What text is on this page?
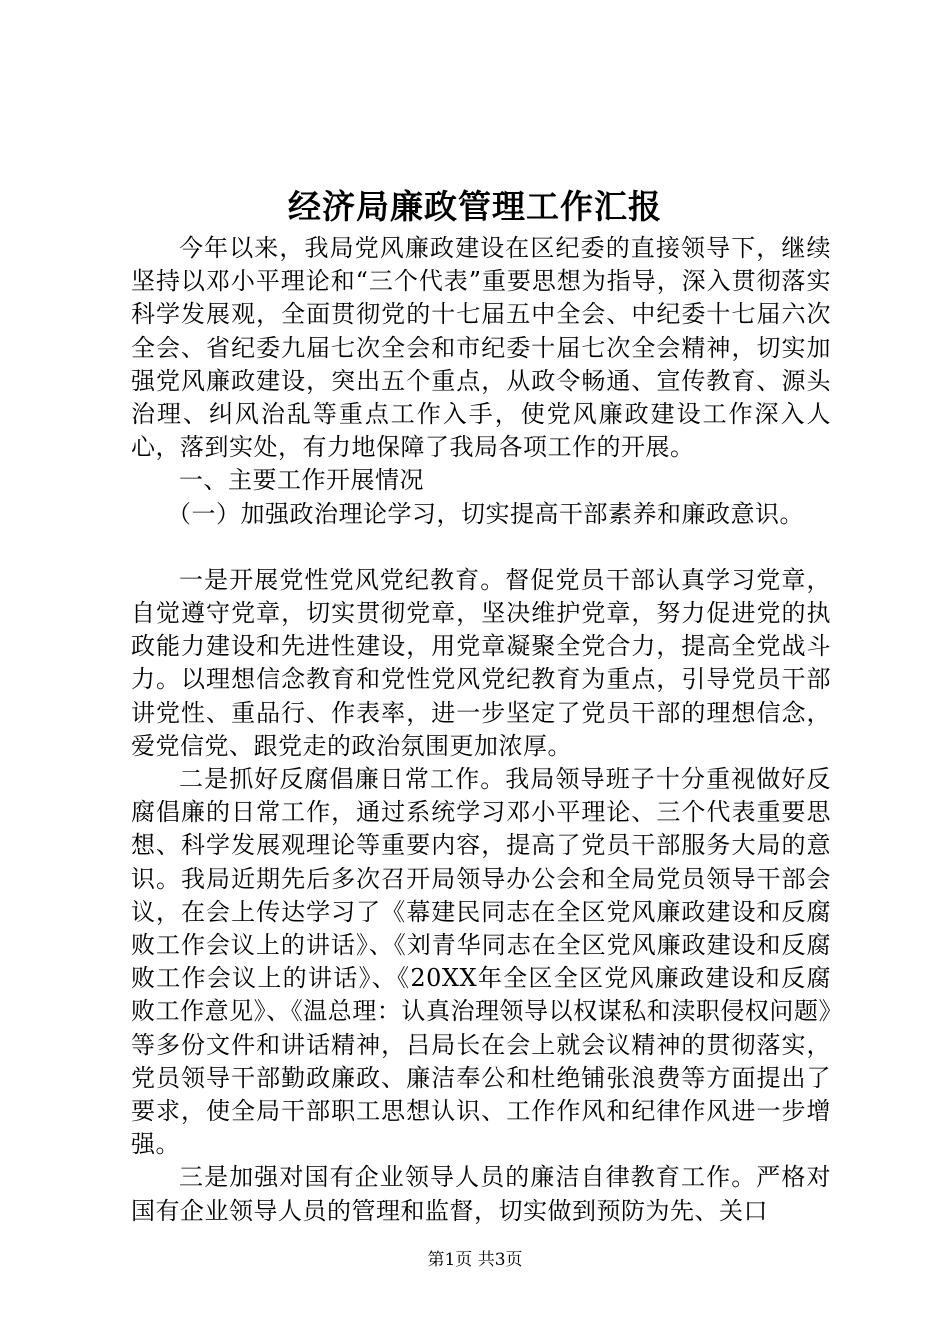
经济局廉政管理工作汇报

今年以来，我局党风廉政建设在区纪委的直接领导下，继续坚持以邓小平理论和“三个代表”重要思想为指导，深入贯彻落实科学发展观，全面贯彻党的十七届五中全会、中纪委十七届六次全会、省纪委九届七次全会和市纪委十届七次全会精神，切实加强党风廉政建设，突出五个重点，从政令畅通、宣传教育、源头治理、纠风治乱等重点工作入手，使党风廉政建设工作深入人心，落到实处，有力地保障了我局各项工作的开展。

一、主要工作开展情况

（一）加强政治理论学习，切实提高干部素养和廉政意识。

一是开展党性党风党纪教育。督促党员干部认真学习党章，自觉遵守党章，切实贯彻党章，坚决维护党章，努力促进党的执政能力建设和先进性建设，用党章凝聚全党合力，提高全党战斗力。以理想信念教育和党性党风党纪教育为重点，引导党员干部讲党性、重品行、作表率，进一步坚定了党员干部的理想信念，爱党信党、跟党走的政治氛围更加浓厚。

二是抓好反腐倡廉日常工作。我局领导班子十分重视做好反腐倡廉的日常工作，通过系统学习邓小平理论、三个代表重要思想、科学发展观理论等重要内容，提高了党员干部服务大局的意识。我局近期先后多次召开局领导办公会和全局党员领导干部会议，在会上传达学习了《幕建民同志在全区党风廉政建设和反腐败工作会议上的讲话》、《刘青华同志在全区党风廉政建设和反腐败工作会议上的讲话》、《20XX年全区全区党风廉政建设和反腐败工作意见》、《温总理：认真治理领导以权谋私和渎职侵权问题》等多份文件和讲话精神，吕局长在会上就会议精神的贯彻落实，党员领导干部勤政廉政、廉洁奉公和杜绝铺张浪费等方面提出了要求，使全局干部职工思想认识、工作作风和纪律作风进一步增强。

三是加强对国有企业领导人员的廉洁自律教育工作。严格对国有企业领导人员的管理和监督，切实做到预防为先、关口

第1页 共3页
